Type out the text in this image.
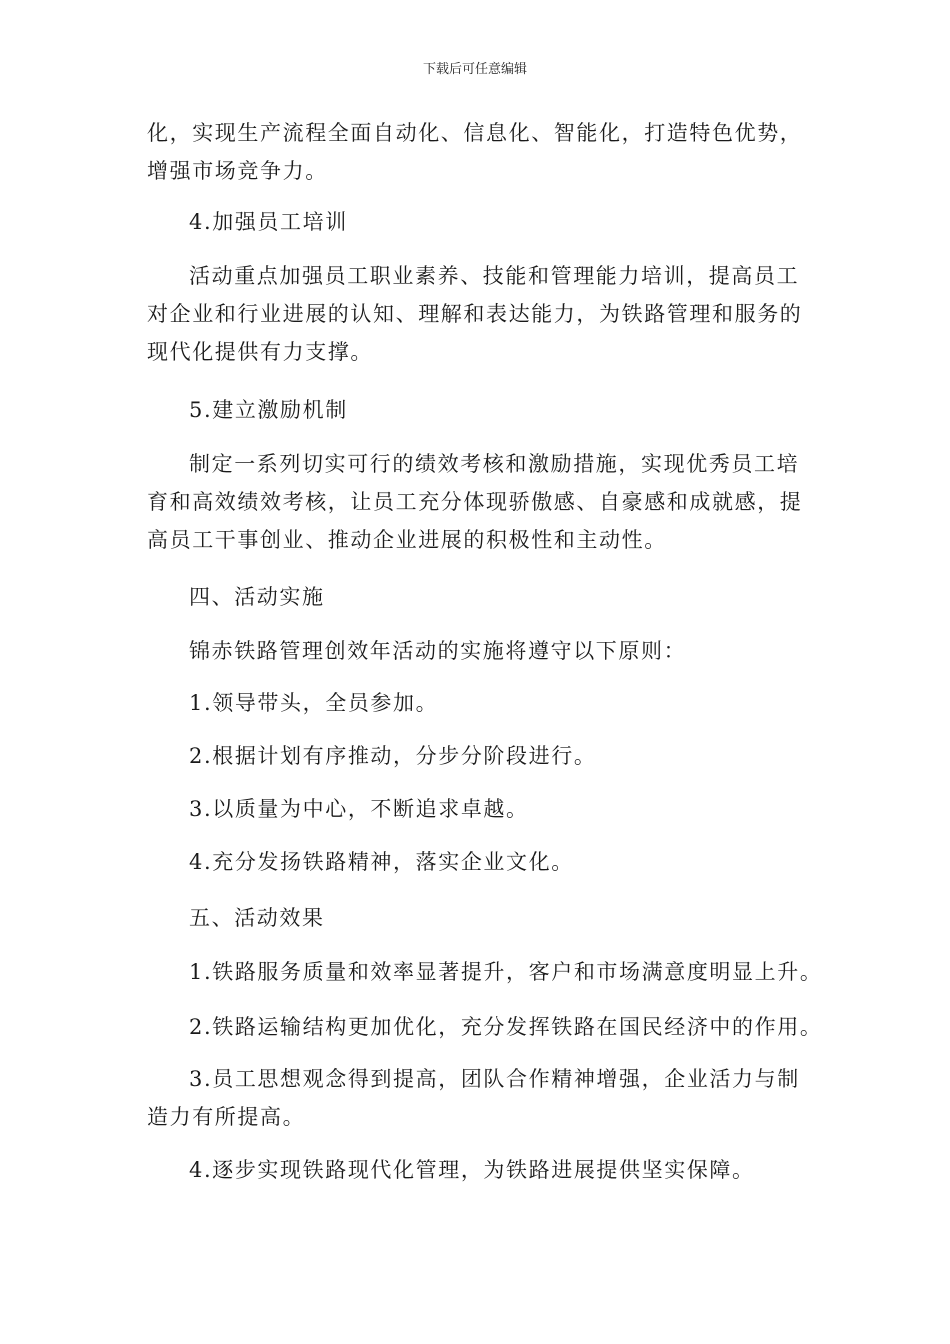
下载后可任意编辑
化，实现生产流程全面自动化、信息化、智能化，打造特色优势，
增强市场竞争力。
4.加强员工培训
活动重点加强员工职业素养、技能和管理能力培训，提高员工
对企业和行业进展的认知、理解和表达能力，为铁路管理和服务的
现代化提供有力支撑。
5.建立激励机制
制定一系列切实可行的绩效考核和激励措施，实现优秀员工培
育和高效绩效考核，让员工充分体现骄傲感、自豪感和成就感，提
高员工干事创业、推动企业进展的积极性和主动性。
四、活动实施
锦赤铁路管理创效年活动的实施将遵守以下原则：
1.领导带头，全员参加。
2.根据计划有序推动，分步分阶段进行。
3.以质量为中心，不断追求卓越。
4.充分发扬铁路精神，落实企业文化。
五、活动效果
1.铁路服务质量和效率显著提升，客户和市场满意度明显上升。
2.铁路运输结构更加优化，充分发挥铁路在国民经济中的作用。
3.员工思想观念得到提高，团队合作精神增强，企业活力与制
造力有所提高。
4.逐步实现铁路现代化管理，为铁路进展提供坚实保障。
